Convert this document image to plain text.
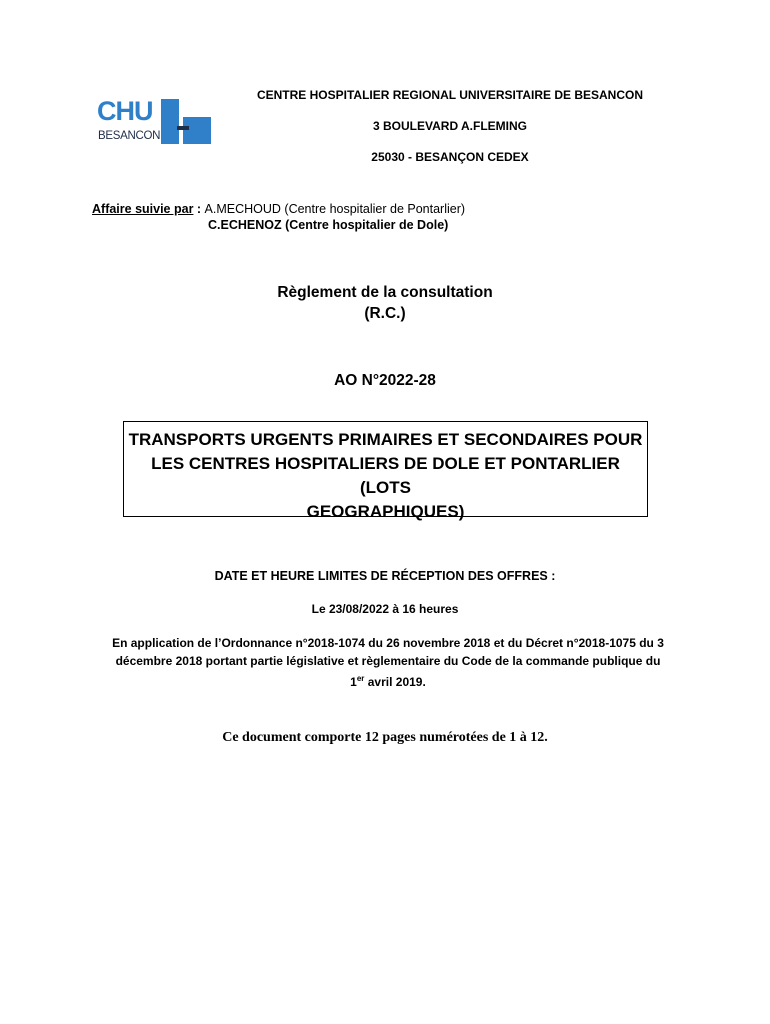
CHU
BESANCON
CENTRE HOSPITALIER REGIONAL UNIVERSITAIRE DE BESANCON
3 BOULEVARD A.FLEMING
25030 - BESANÇON CEDEX
Affaire suivie par : A.MECHOUD (Centre hospitalier de Pontarlier)
C.ECHENOZ (Centre hospitalier de Dole)
Règlement de la consultation
(R.C.)
AO N°2022-28
TRANSPORTS URGENTS PRIMAIRES ET SECONDAIRES POUR
LES CENTRES HOSPITALIERS DE DOLE ET PONTARLIER (LOTS
GEOGRAPHIQUES)
DATE ET HEURE LIMITES DE RÉCEPTION DES OFFRES :
Le 23/08/2022 à 16 heures
En application de l’Ordonnance n°2018-1074 du 26 novembre 2018 et du Décret n°2018-1075 du 3
décembre 2018 portant partie législative et règlementaire du Code de la commande publique du
1er avril 2019.
Ce document comporte 12 pages numérotées de 1 à 12.
